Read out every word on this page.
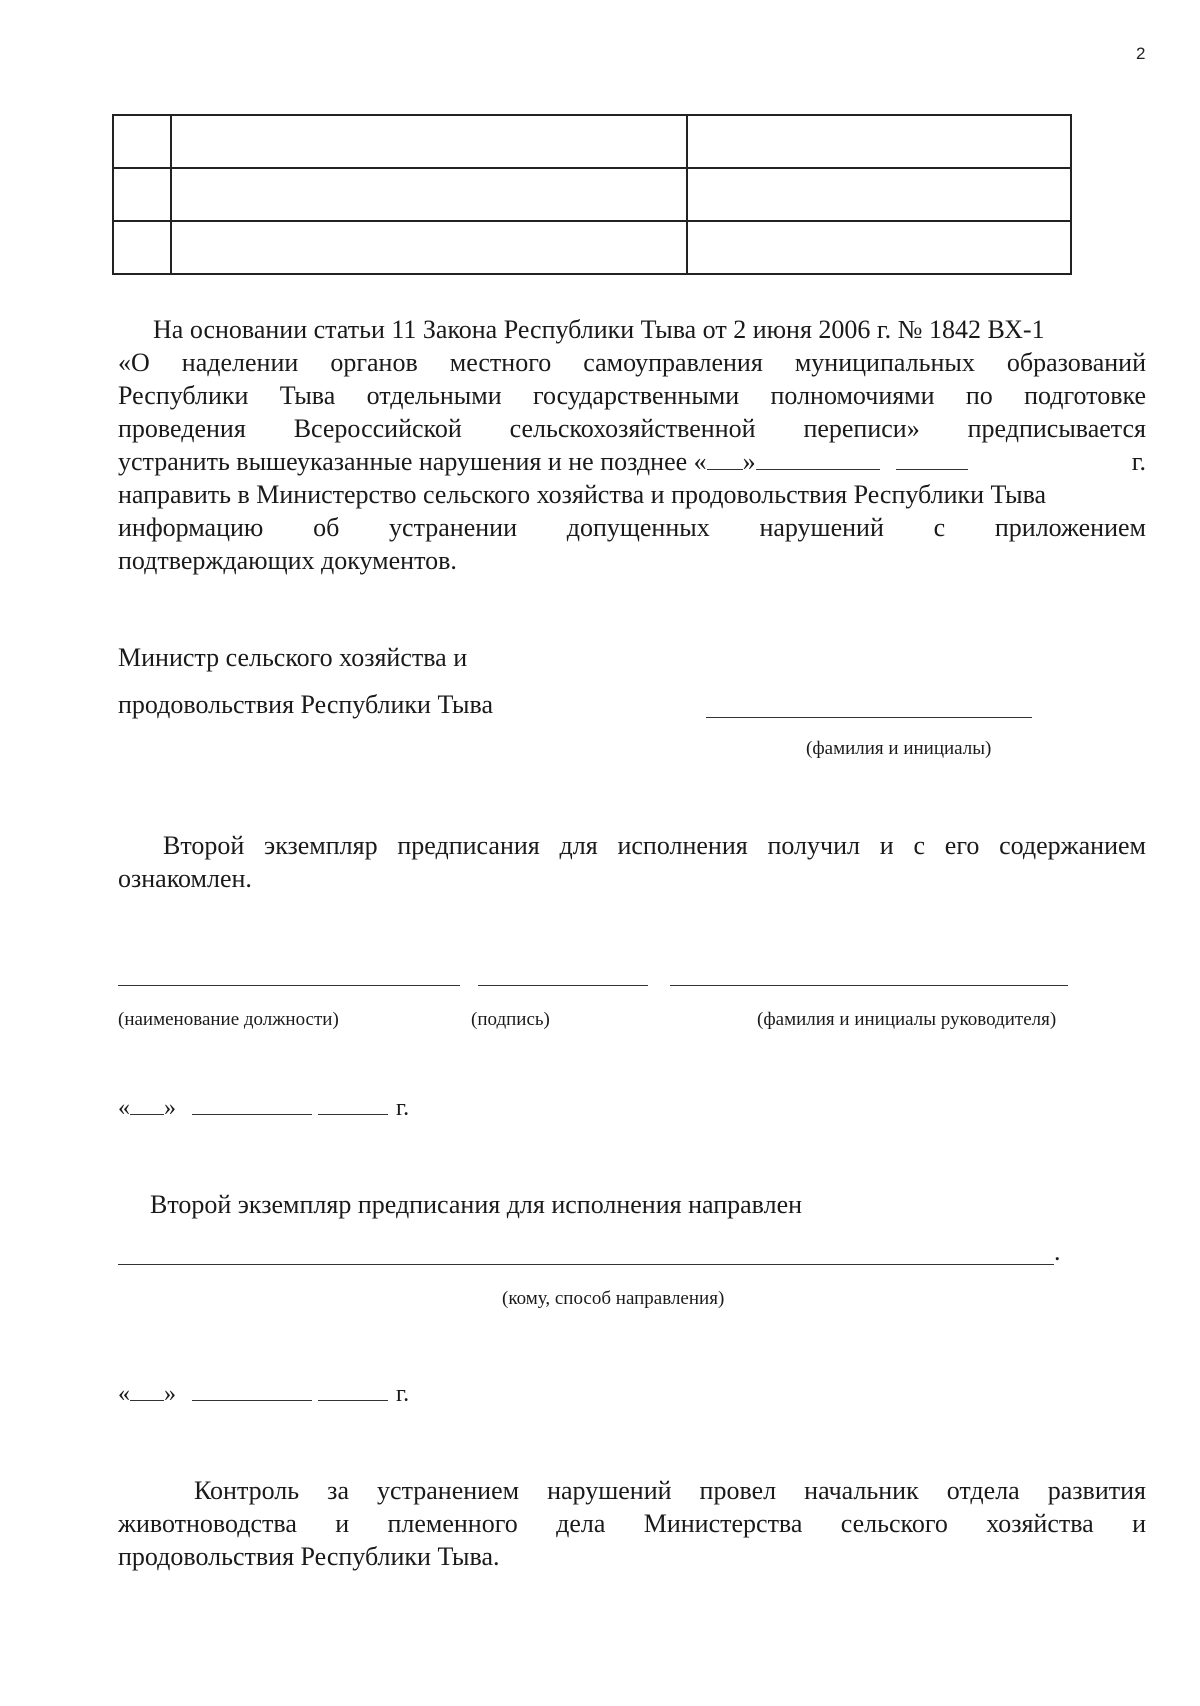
2

На основании статьи 11 Закона Республики Тыва от 2 июня 2006 г. № 1842 ВХ-1
«О наделении органов местного самоуправления муниципальных образований
Республики Тыва отдельными государственными полномочиями по подготовке
проведения Всероссийской сельскохозяйственной переписи» предписывается
устранить вышеуказанные нарушения и не позднее « »	г.
направить в Министерство сельского хозяйства и продовольствия Республики Тыва
информацию об устранении допущенных нарушений с приложением
подтверждающих документов.
Министр сельского хозяйства и
продовольствия Республики Тыва
(фамилия и инициалы)
Второй экземпляр предписания для исполнения получил и с его содержанием
ознакомлен.
(наименование должности)	(подпись)	(фамилия и инициалы руководителя)
« »	г.
Второй экземпляр предписания для исполнения направлен
.
(кому, способ направления)
« »	г.
Контроль за устранением нарушений провел начальник отдела развития
животноводства и племенного дела Министерства сельского хозяйства и
продовольствия Республики Тыва.
